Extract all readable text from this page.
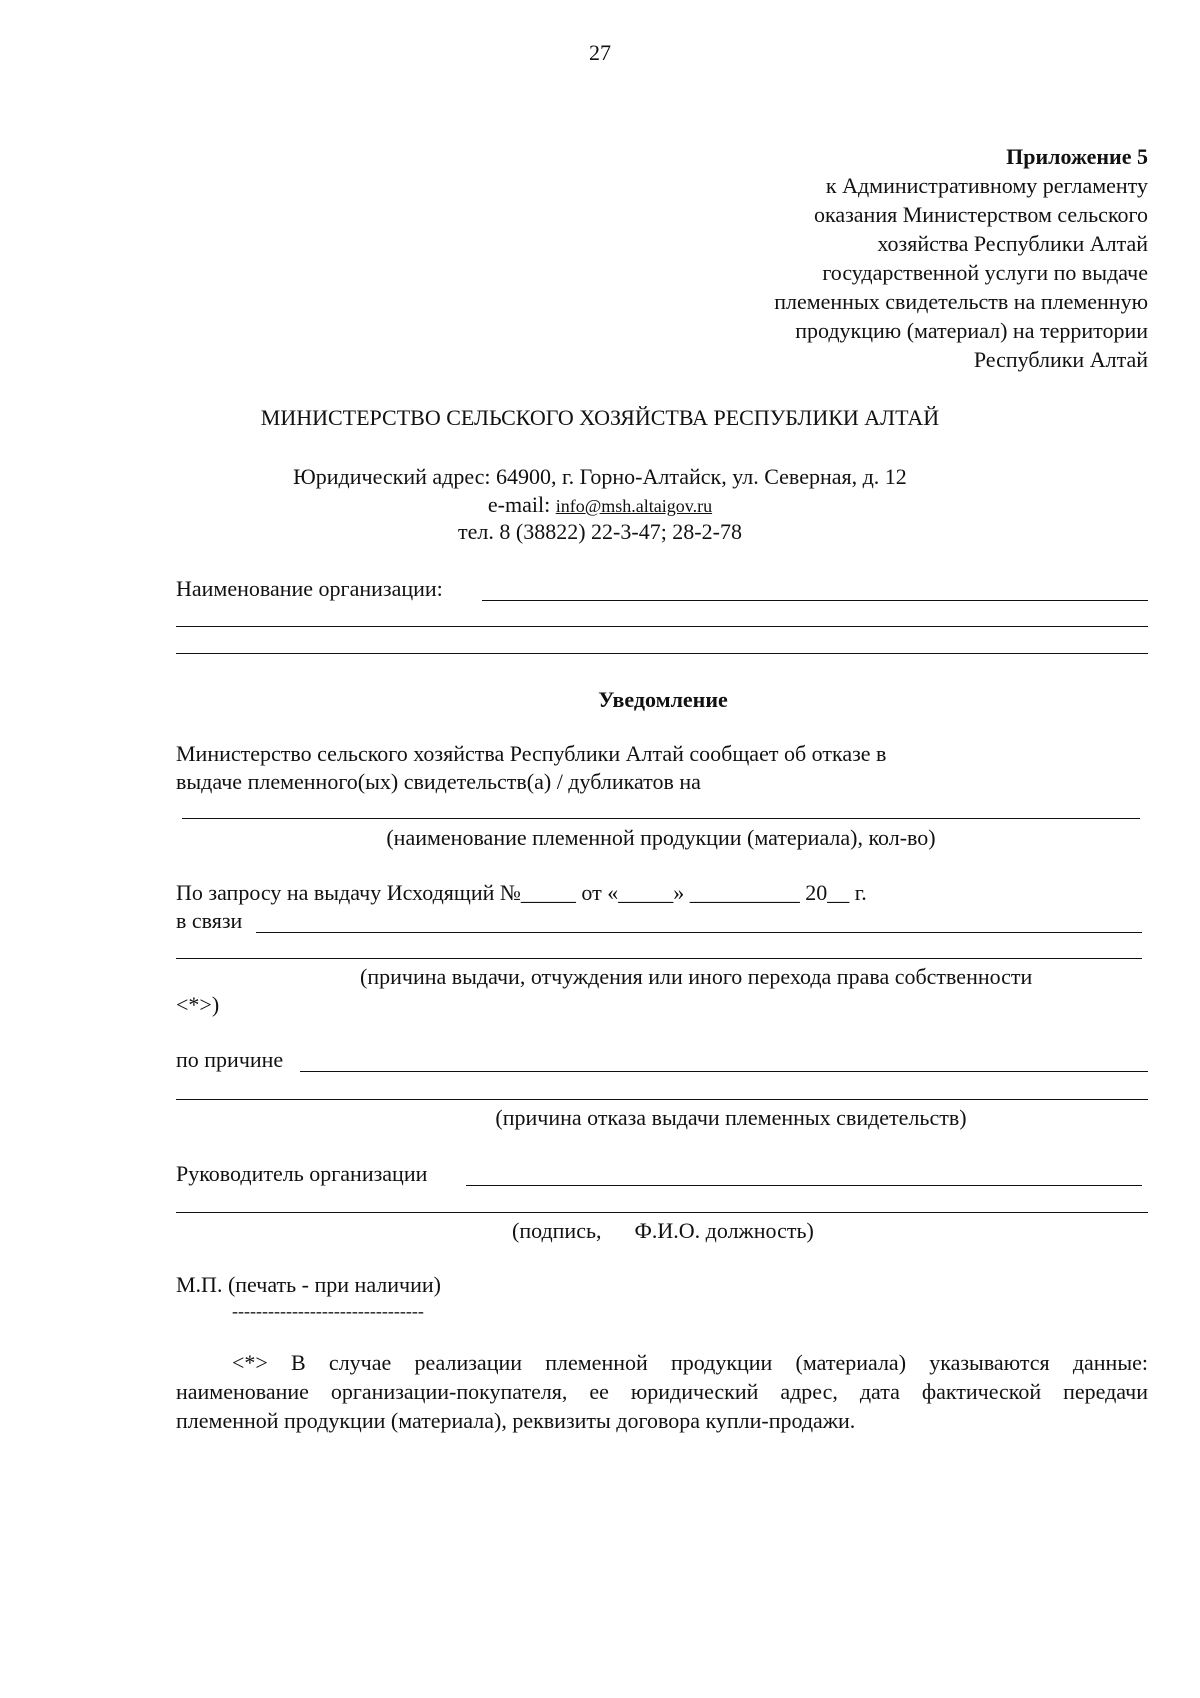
27
Приложение 5
к Административному регламенту
оказания Министерством сельского
хозяйства Республики Алтай
государственной услуги по выдаче
племенных свидетельств на племенную
продукцию (материал) на территории
Республики Алтай
МИНИСТЕРСТВО СЕЛЬСКОГО ХОЗЯЙСТВА РЕСПУБЛИКИ АЛТАЙ
Юридический адрес: 64900, г. Горно-Алтайск, ул. Северная, д. 12
e-mail: info@msh.altaigov.ru
тел. 8 (38822) 22-3-47; 28-2-78
Наименование организации:
Уведомление
Министерство сельского хозяйства Республики Алтай сообщает об отказе в
выдаче племенного(ых) свидетельств(а) / дубликатов на
(наименование племенной продукции (материала), кол-во)
По запросу на выдачу Исходящий №_____ от «_____» __________ 20__ г.
в связи
(причина выдачи, отчуждения или иного перехода права собственности
<*>)
по причине
(причина отказа выдачи племенных свидетельств)
Руководитель организации
(подпись,      Ф.И.О. должность)
М.П. (печать - при наличии)
--------------------------------
<*> В случае реализации племенной продукции (материала) указываются данные:
наименование организации-покупателя, ее юридический адрес, дата фактической передачи
племенной продукции (материала), реквизиты договора купли-продажи.
